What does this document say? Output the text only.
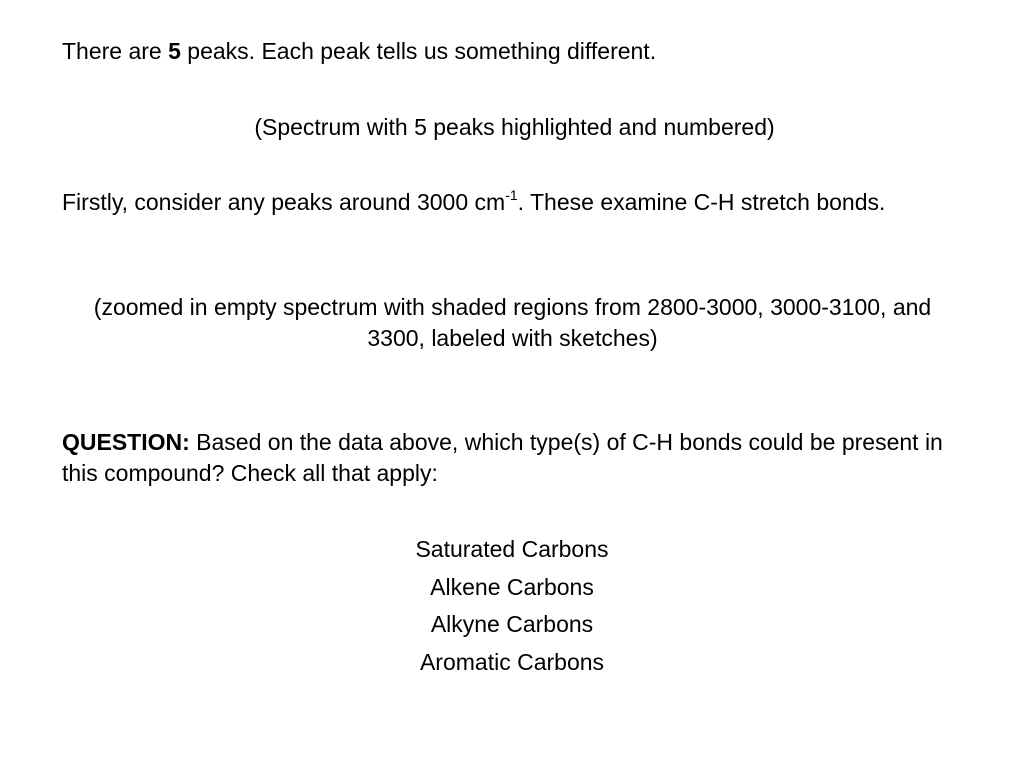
There are 5 peaks. Each peak tells us something different.

(Spectrum with 5 peaks highlighted and numbered)

Firstly, consider any peaks around 3000 $cm^{-1}$. These examine C-H stretch bonds.

(zoomed in empty spectrum with shaded regions from 2800-3000, 3000-3100, and 3300, labeled with sketches)

QUESTION: Based on the data above, which type(s) of C-H bonds could be present in this compound? Check all that apply:

Saturated Carbons
Alkene Carbons
Alkyne Carbons
Aromatic Carbons
